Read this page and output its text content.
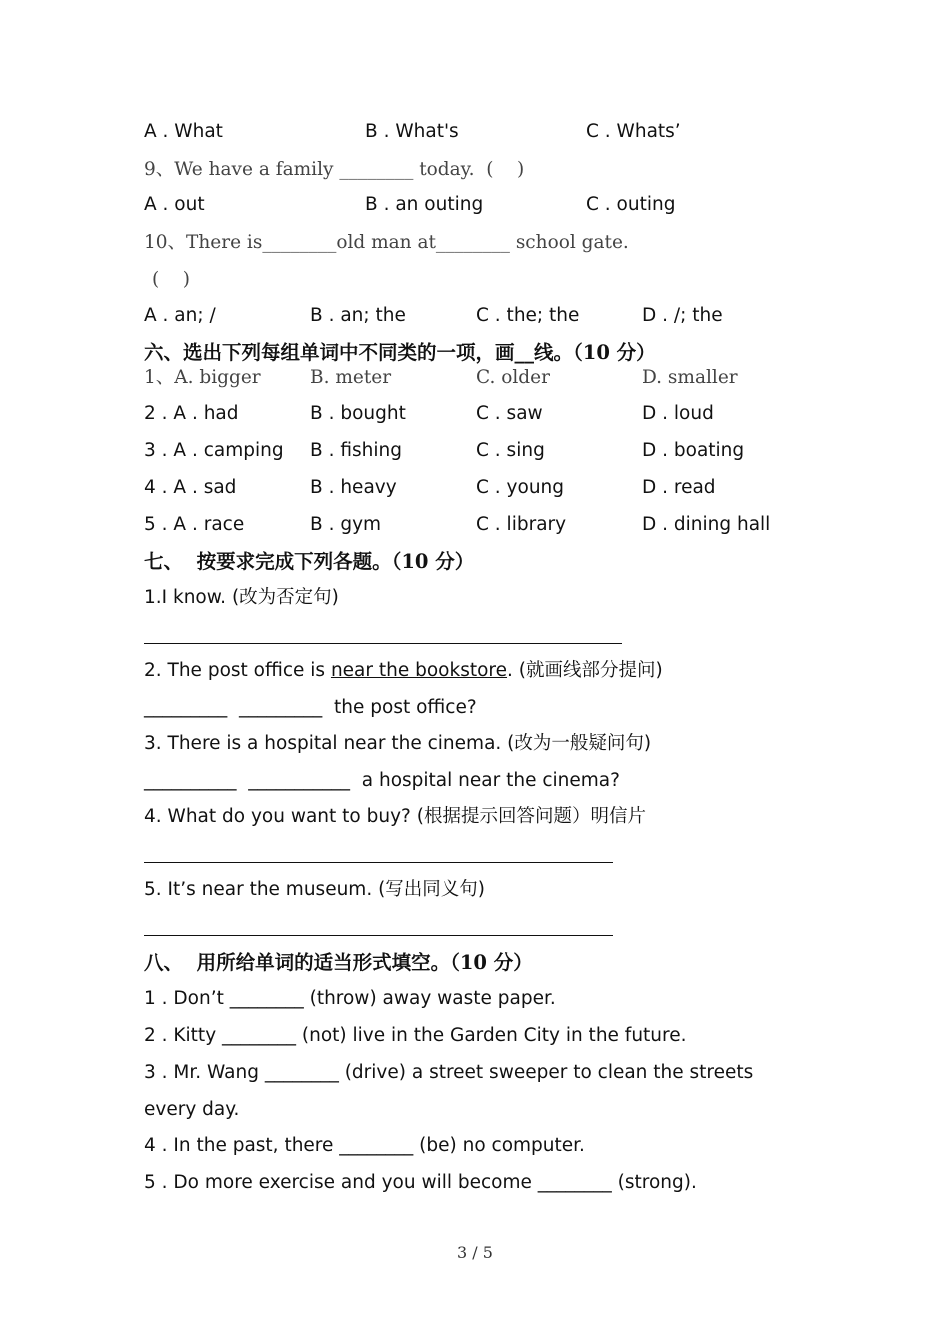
A . What	B . What's	C . Whats’
9、We have a family ________ today.  (    )
A . out	B . an outing	C . outing
10、There is________old man at________ school gate.
(    )
A . an; /	B . an; the	C . the; the	D . /; the
六、选出下列每组单词中不同类的一项，画__线。（10 分）
1、A. bigger	B. meter	C. older	D. smaller
2 . A . had	B . bought	C . saw	D . loud
3 . A . camping B . fishing	C . sing	D . boating
4 . A . sad	B . heavy	C . young	D . read
5 . A . race	B . gym	C . library	D . dining hall
七、  按要求完成下列各题。（10 分）
1.I know. (改为否定句)
2. The post office is near the bookstore. (就画线部分提问)
_________  _________  the post office?
3. There is a hospital near the cinema. (改为一般疑问句)
__________  ___________  a hospital near the cinema?
4. What do you want to buy? (根据提示回答问题）明信片
5. It’s near the museum. (写出同义句)
八、  用所给单词的适当形式填空。（10 分）
1 . Don’t ________ (throw) away waste paper.
2 . Kitty ________ (not) live in the Garden City in the future.
3 . Mr. Wang ________ (drive) a street sweeper to clean the streets
every day.
4 . In the past, there ________ (be) no computer.
5 . Do more exercise and you will become ________ (strong).
3 / 5
